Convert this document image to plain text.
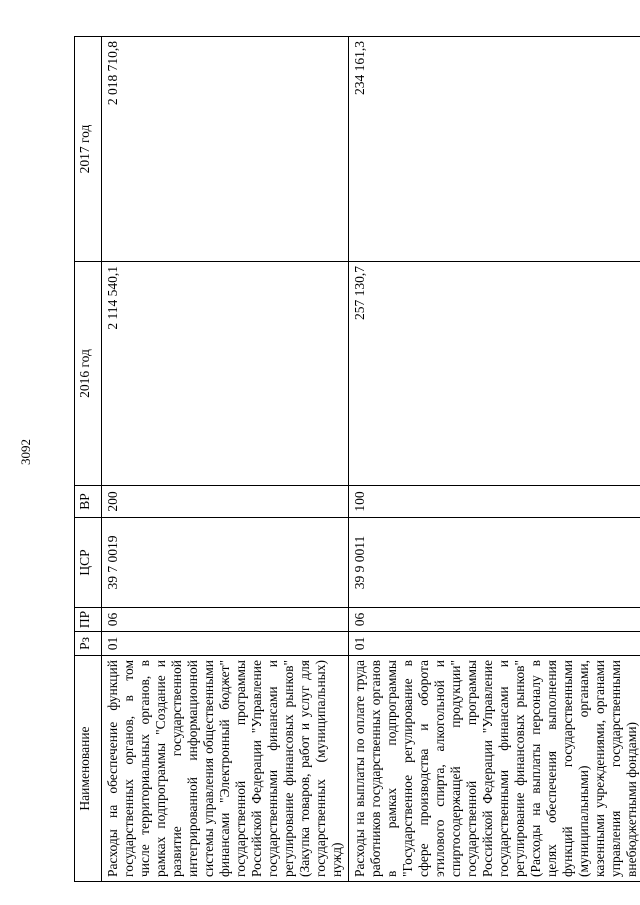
3092
Наименование	Рз	ПР	ЦСР	ВР	2016 год	2017 год
Расходы на обеспечение функций государственных органов, в том числе территориальных органов, в рамках подпрограммы "Создание и развитие государственной интегрированной информационной системы управления общественными финансами "Электронный бюджет" государственной программы Российской Федерации "Управление государственными финансами и регулирование финансовых рынков" (Закупка товаров, работ и услуг для государственных (муниципальных) нужд)	01	06	39 7 0019	200	2 114 540,1	2 018 710,8
Расходы на выплаты по оплате труда работников государственных органов в рамках подпрограммы "Государственное регулирование в сфере производства и оборота этилового спирта, алкогольной и спиртосодержащей продукции" государственной программы Российской Федерации "Управление государственными финансами и регулирование финансовых рынков" (Расходы на выплаты персоналу в целях обеспечения выполнения функций государственными (муниципальными) органами, казенными учреждениями, органами управления государственными внебюджетными фондами)	01	06	39 9 0011	100	257 130,7	234 161,3
